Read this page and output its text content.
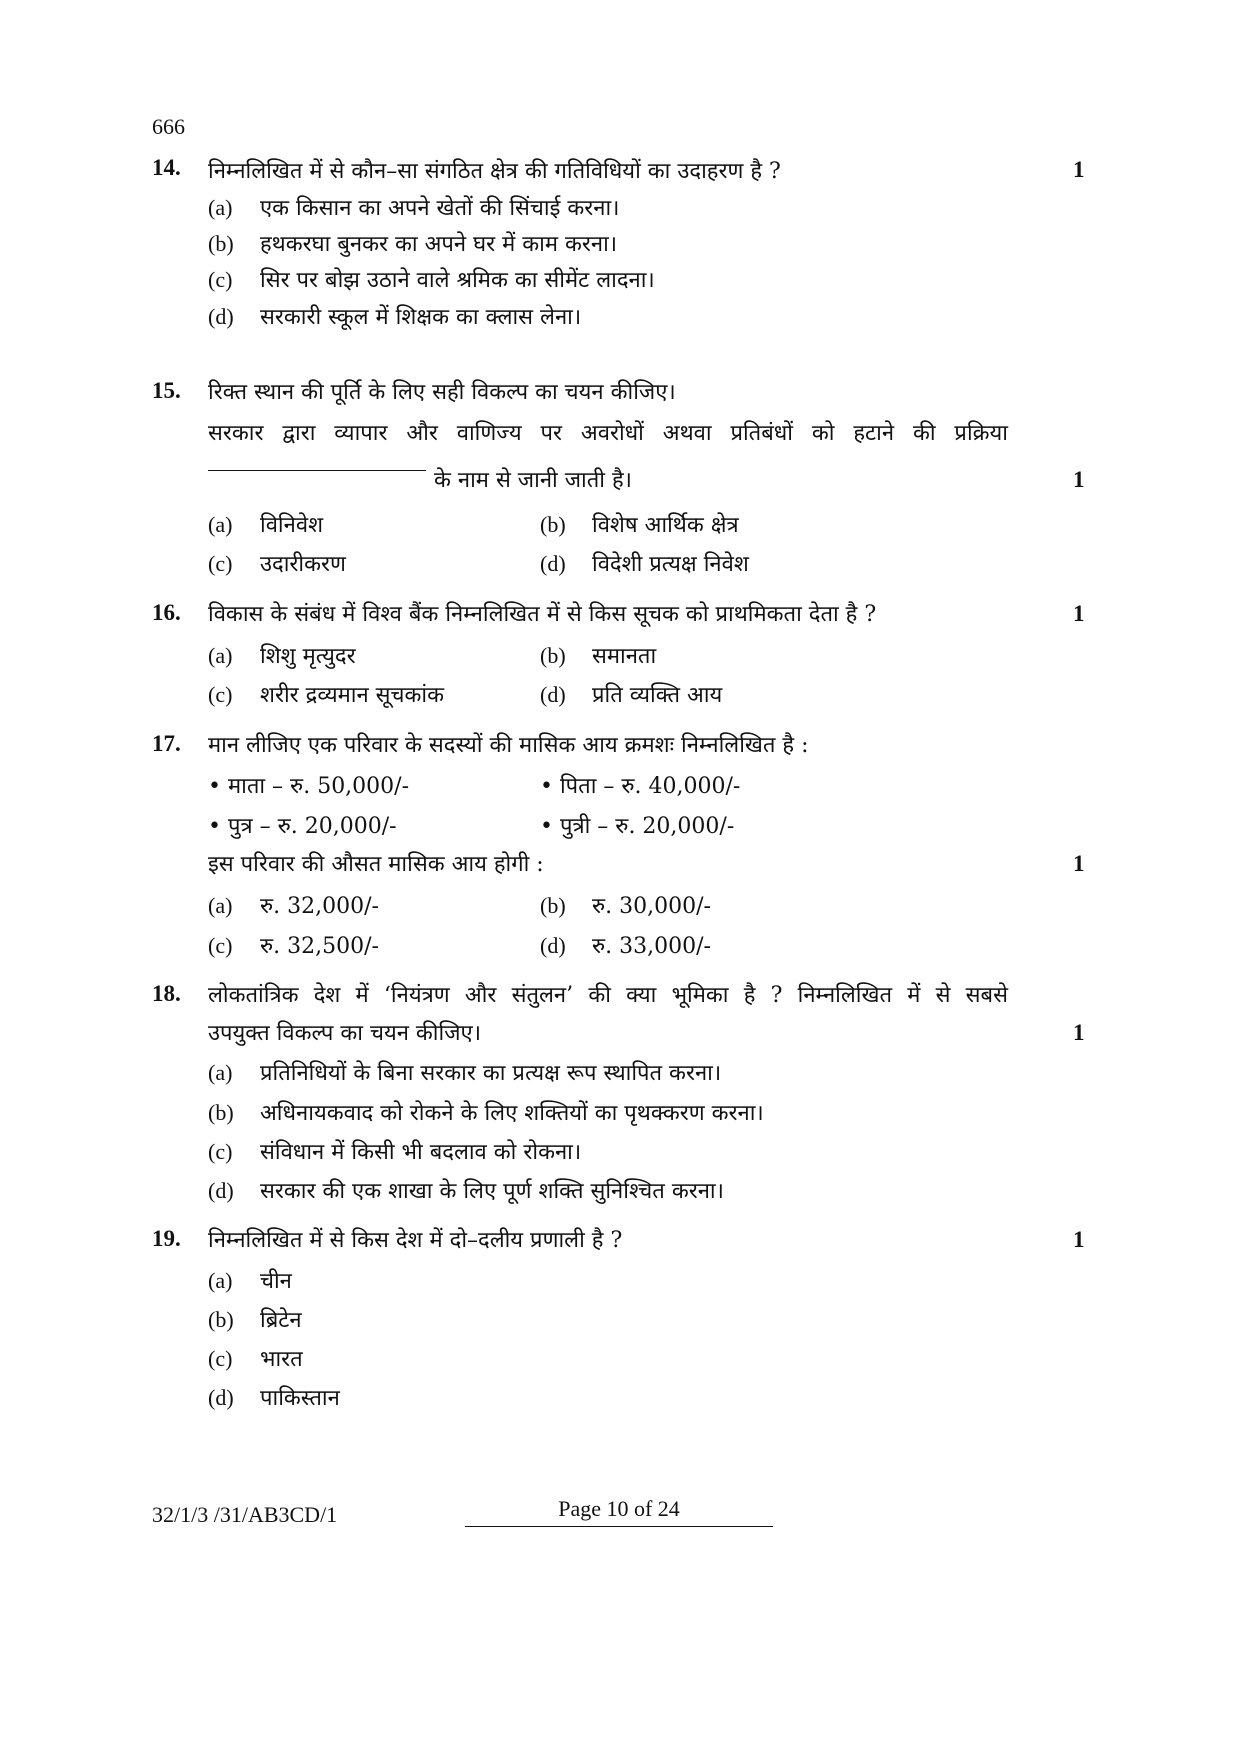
666
14. निम्नलिखित में से कौन–सा संगठित क्षेत्र की गतिविधियों का उदाहरण है ?	1
(a) एक किसान का अपने खेतों की सिंचाई करना।
(b) हथकरघा बुनकर का अपने घर में काम करना।
(c) सिर पर बोझ उठाने वाले श्रमिक का सीमेंट लादना।
(d) सरकारी स्कूल में शिक्षक का क्लास लेना।
15. रिक्त स्थान की पूर्ति के लिए सही विकल्प का चयन कीजिए।
सरकार द्वारा व्यापार और वाणिज्य पर अवरोधों अथवा प्रतिबंधों को हटाने की प्रक्रिया
के नाम से जानी जाती है।	1
(a) विनिवेश	(b) विशेष आर्थिक क्षेत्र
(c) उदारीकरण	(d) विदेशी प्रत्यक्ष निवेश
16. विकास के संबंध में विश्व बैंक निम्नलिखित में से किस सूचक को प्राथमिकता देता है ?	1
(a) शिशु मृत्युदर	(b) समानता
(c) शरीर द्रव्यमान सूचकांक	(d) प्रति व्यक्ति आय
17. मान लीजिए एक परिवार के सदस्यों की मासिक आय क्रमशः निम्नलिखित है :
• माता – रु. 50,000/-	• पिता – रु. 40,000/-
• पुत्र – रु. 20,000/-	• पुत्री – रु. 20,000/-
इस परिवार की औसत मासिक आय होगी :	1
(a) रु. 32,000/-	(b) रु. 30,000/-
(c) रु. 32,500/-	(d) रु. 33,000/-
18. लोकतांत्रिक देश में ‘नियंत्रण और संतुलन’ की क्या भूमिका है ? निम्नलिखित में से सबसे
उपयुक्त विकल्प का चयन कीजिए।	1
(a) प्रतिनिधियों के बिना सरकार का प्रत्यक्ष रूप स्थापित करना।
(b) अधिनायकवाद को रोकने के लिए शक्तियों का पृथक्करण करना।
(c) संविधान में किसी भी बदलाव को रोकना।
(d) सरकार की एक शाखा के लिए पूर्ण शक्ति सुनिश्चित करना।
19. निम्नलिखित में से किस देश में दो–दलीय प्रणाली है ?	1
(a) चीन
(b) ब्रिटेन
(c) भारत
(d) पाकिस्तान
32/1/3 /31/AB3CD/1	Page 10 of 24
